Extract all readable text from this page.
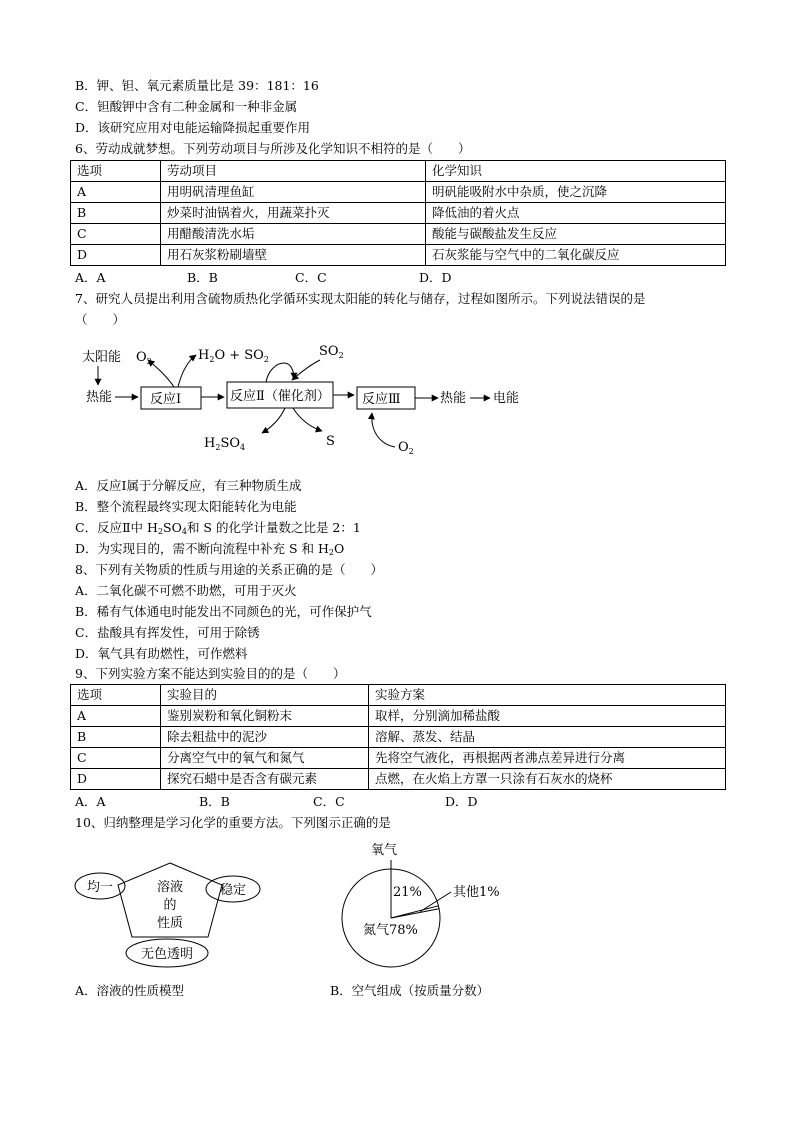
B．钾、钽、氧元素质量比是 39：181：16
C．钽酸钾中含有二种金属和一种非金属
D．该研究应用对电能运输降损起重要作用
6、劳动成就梦想。下列劳动项目与所涉及化学知识不相符的是（　　）
选项	劳动项目	化学知识
A	用明矾清理鱼缸	明矾能吸附水中杂质，使之沉降
B	炒菜时油锅着火，用蔬菜扑灭	降低油的着火点
C	用醋酸清洗水垢	酸能与碳酸盐发生反应
D	用石灰浆粉刷墙壁	石灰浆能与空气中的二氧化碳反应
A．A	B．B	C．C	D．D
7、研究人员提出利用含硫物质热化学循环实现太阳能的转化与储存，过程如图所示。下列说法错误的是
（　　）
太阳能
热能	反应Ⅰ
$O_2$	$H_2O + SO_2$
反应Ⅱ（催化剂）
$SO_2$
$H_2SO_4$	S
反应Ⅲ
$O_2$
热能 电能
A．反应Ⅰ属于分解反应，有三种物质生成
B．整个流程最终实现太阳能转化为电能
C．反应Ⅱ中 $H_2SO_4$和 S 的化学计量数之比是 2：1
D．为实现目的，需不断向流程中补充 S 和 $H_2O$
8、下列有关物质的性质与用途的关系正确的是（　　）
A．二氧化碳不可燃不助燃，可用于灭火
B．稀有气体通电时能发出不同颜色的光，可作保护气
C．盐酸具有挥发性，可用于除锈
D．氧气具有助燃性，可作燃料
9、下列实验方案不能达到实验目的的是（　　）
选项	实验目的	实验方案
A	鉴别炭粉和氧化铜粉末	取样，分别滴加稀盐酸
B	除去粗盐中的泥沙	溶解、蒸发、结晶
C	分离空气中的氧气和氮气	先将空气液化，再根据两者沸点差异进行分离
D	探究石蜡中是否含有碳元素	点燃，在火焰上方罩一只涂有石灰水的烧杯
A．A	B．B	C．C	D．D
10、归纳整理是学习化学的重要方法。下列图示正确的是
溶液
的
性质
均一	稳定
无色透明
A．溶液的性质模型
氧气
21% 其他1%
氮气78%
B．空气组成（按质量分数）
